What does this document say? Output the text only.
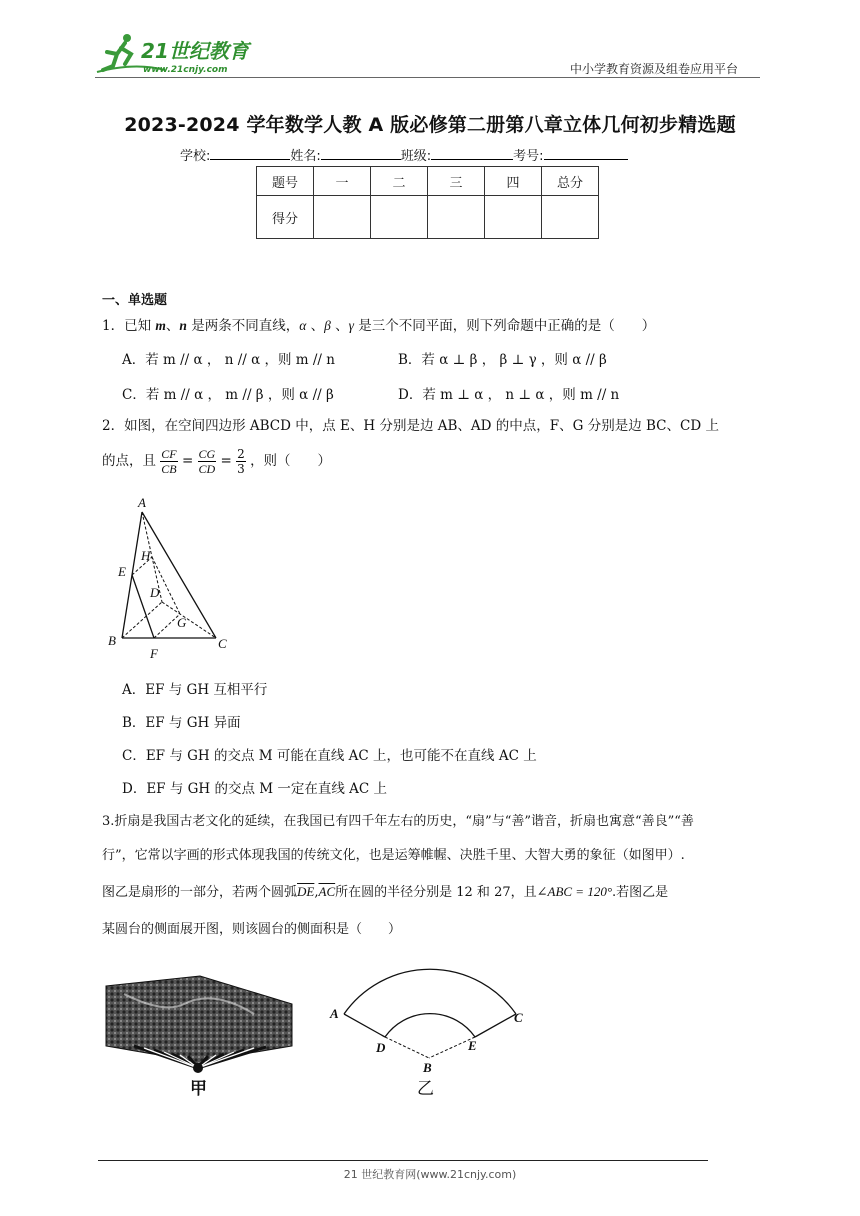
21世纪教育
www.21cnjy.com	中小学教育资源及组卷应用平台
2023-2024 学年数学人教 A 版必修第二册第八章立体几何初步精选题
学校:	姓名:	班级:	考号:
题号	一	二	三	四	总分
得分					
一、单选题
1．已知 m、n 是两条不同直线，α 、β 、γ 是三个不同平面，则下列命题中正确的是（　　）
A．若 m // α ， n // α ，则 m // n	B．若 α ⊥ β ， β ⊥ γ ，则 α // β
C．若 m // α ， m // β ，则 α // β	D．若 m ⊥ α ， n ⊥ α ，则 m // n
2．如图，在空间四边形 ABCD 中，点 E、H 分别是边 AB、AD 的中点，F、G 分别是边 BC、CD 上
的点，且 $\frac{CF}{CB} = \frac{CG}{CD} = \frac{2}{3}$ ，则（　　）
A
B	C
D
E
F
G
H
A．EF 与 GH 互相平行
B．EF 与 GH 异面
C．EF 与 GH 的交点 M 可能在直线 AC 上，也可能不在直线 AC 上
D．EF 与 GH 的交点 M 一定在直线 AC 上
3.折扇是我国古老文化的延续，在我国已有四千年左右的历史，“扇”与“善”谐音，折扇也寓意“善良”“善
行”，它常以字画的形式体现我国的传统文化，也是运筹帷幄、决胜千里、大智大勇的象征（如图甲）.
图乙是扇形的一部分，若两个圆弧$\overline{DE},\overline{AC}$所在圆的半径分别是 12 和 27，且∠ABC = 120°.若图乙是
某圆台的侧面展开图，则该圆台的侧面积是（　　）
甲
A	C
D	E
B
乙
21 世纪教育网(www.21cnjy.com)
